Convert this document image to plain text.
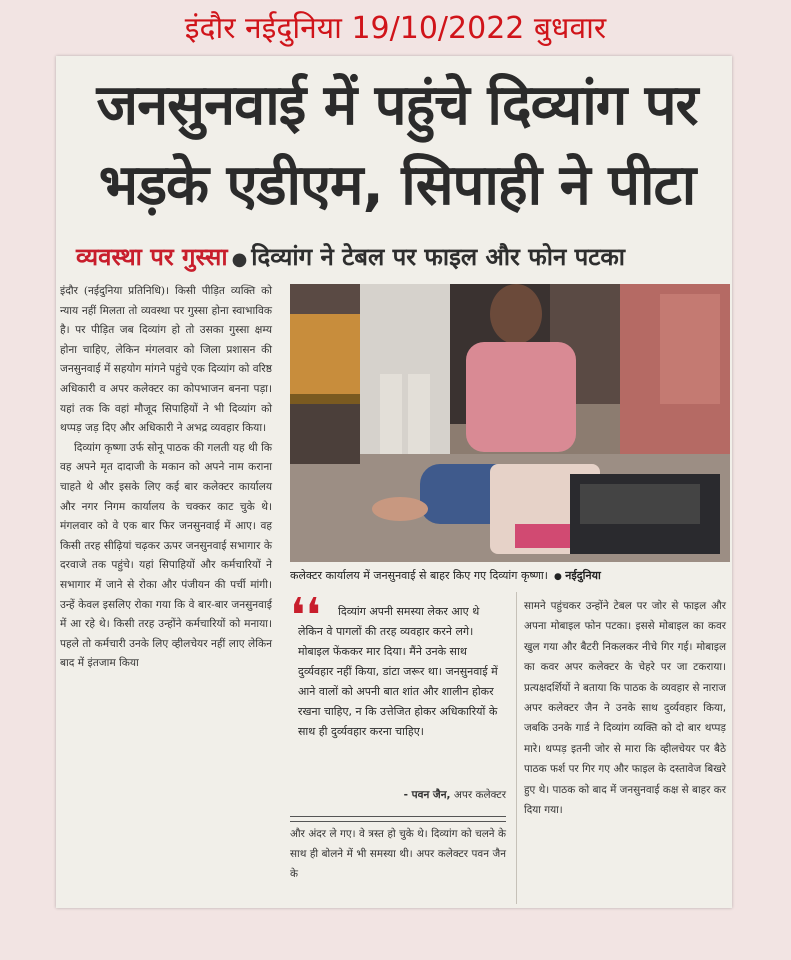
इंदौर नईदुनिया 19/10/2022 बुधवार
जनसुनवाई में पहुंचे दिव्यांग पर
भड़के एडीएम, सिपाही ने पीटा
व्यवस्था पर गुस्सा ● दिव्यांग ने टेबल पर फाइल और फोन पटका

इंदौर (नईदुनिया प्रतिनिधि)। किसी पीड़ित व्यक्ति को न्याय नहीं मिलता तो व्यवस्था पर गुस्सा होना स्वाभाविक है। पर पीड़ित जब दिव्यांग हो तो उसका गुस्सा क्षम्य होना चाहिए, लेकिन मंगलवार को जिला प्रशासन की जनसुनवाई में सहयोग मांगने पहुंचे एक दिव्यांग को वरिष्ठ अधिकारी व अपर कलेक्टर का कोपभाजन बनना पड़ा। यहां तक कि वहां मौजूद सिपाहियों ने भी दिव्यांग को थप्पड़ जड़ दिए और अधिकारी ने अभद्र व्यवहार किया।

दिव्यांग कृष्णा उर्फ सोनू पाठक की गलती यह थी कि वह अपने मृत दादाजी के मकान को अपने नाम कराना चाहते थे और इसके लिए कई बार कलेक्टर कार्यालय और नगर निगम कार्यालय के चक्कर काट चुके थे। मंगलवार को वे एक बार फिर जनसुनवाई में आए। वह किसी तरह सीढ़ियां चढ़कर ऊपर जनसुनवाई सभागार के दरवाजे तक पहुंचे। यहां सिपाहियों और कर्मचारियों ने सभागार में जाने से रोका और पंजीयन की पर्ची मांगी। उन्हें केवल इसलिए रोका गया कि वे बार-बार जनसुनवाई में आ रहे थे। किसी तरह उन्होंने कर्मचारियों को मनाया। पहले तो कर्मचारी उनके लिए व्हीलचेयर नहीं लाए लेकिन बाद में इंतजाम किया

कलेक्टर कार्यालय में जनसुनवाई से बाहर किए गए दिव्यांग कृष्णा। ● नईदुनिया
❛❛	दिव्यांग अपनी समस्या लेकर आए थे लेकिन वे पागलों की तरह व्यवहार करने लगे। मोबाइल फेंककर मार दिया। मैंने उनके साथ दुर्व्यवहार नहीं किया, डांटा जरूर था। जनसुनवाई में आने वालों को अपनी बात शांत और शालीन होकर रखना चाहिए, न कि उत्तेजित होकर अधिकारियों के साथ ही दुर्व्यवहार करना चाहिए।
- पवन जैन, अपर कलेक्टर

और अंदर ले गए। वे त्रस्त हो चुके थे। दिव्यांग को चलने के साथ ही बोलने में भी समस्या थी। अपर कलेक्टर पवन जैन के

सामने पहुंचकर उन्होंने टेबल पर जोर से फाइल और अपना मोबाइल फोन पटका। इससे मोबाइल का कवर खुल गया और बैटरी निकलकर नीचे गिर गई। मोबाइल का कवर अपर कलेक्टर के चेहरे पर जा टकराया। प्रत्यक्षदर्शियों ने बताया कि पाठक के व्यवहार से नाराज अपर कलेक्टर जैन ने उनके साथ दुर्व्यवहार किया, जबकि उनके गार्ड ने दिव्यांग व्यक्ति को दो बार थप्पड़ मारे। थप्पड़ इतनी जोर से मारा कि व्हीलचेयर पर बैठे पाठक फर्श पर गिर गए और फाइल के दस्तावेज बिखरे हुए थे। पाठक को बाद में जनसुनवाई कक्ष से बाहर कर दिया गया।
